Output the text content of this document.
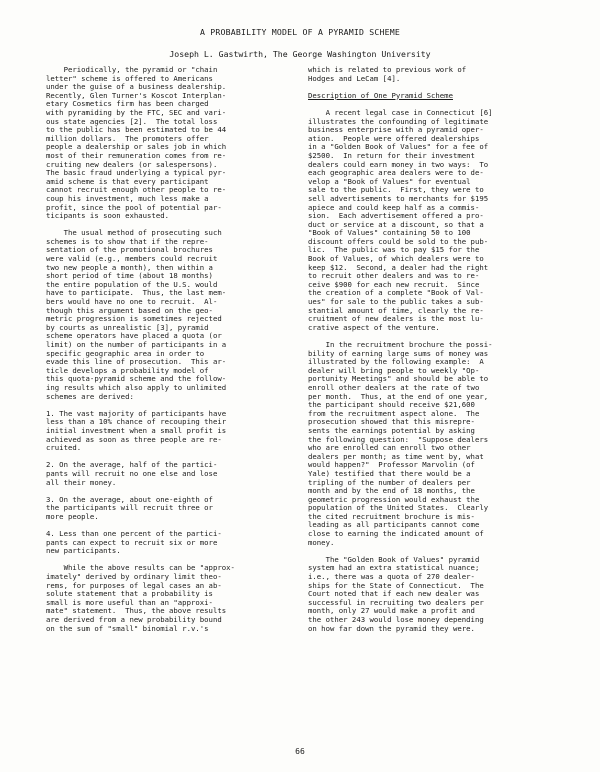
A PROBABILITY MODEL OF A PYRAMID SCHEME
Joseph L. Gastwirth, The George Washington University

Periodically, the pyramid or "chain
letter" scheme is offered to Americans
under the guise of a business dealership.
Recently, Glen Turner's Koscot Interplan-
etary Cosmetics firm has been charged
with pyramiding by the FTC, SEC and vari-
ous state agencies [2].  The total loss
to the public has been estimated to be 44
million dollars.  The promoters offer
people a dealership or sales job in which
most of their remuneration comes from re-
cruiting new dealers (or salespersons).
The basic fraud underlying a typical pyr-
amid scheme is that every participant
cannot recruit enough other people to re-
coup his investment, much less make a
profit, since the pool of potential par-
ticipants is soon exhausted.

The usual method of prosecuting such
schemes is to show that if the repre-
sentation of the promotional brochures
were valid (e.g., members could recruit
two new people a month), then within a
short period of time (about 18 months)
the entire population of the U.S. would
have to participate.  Thus, the last mem-
bers would have no one to recruit.  Al-
though this argument based on the geo-
metric progression is sometimes rejected
by courts as unrealistic [3], pyramid
scheme operators have placed a quota (or
limit) on the number of participants in a
specific geographic area in order to
evade this line of prosecution.  This ar-
ticle develops a probability model of
this quota-pyramid scheme and the follow-
ing results which also apply to unlimited
schemes are derived:

1. The vast majority of participants have
less than a 10% chance of recouping their
initial investment when a small profit is
achieved as soon as three people are re-
cruited.

2. On the average, half of the partici-
pants will recruit no one else and lose
all their money.

3. On the average, about one-eighth of
the participants will recruit three or
more people.

4. Less than one percent of the partici-
pants can expect to recruit six or more
new participants.

While the above results can be "approx-
imately" derived by ordinary limit theo-
rems, for purposes of legal cases an ab-
solute statement that a probability is
small is more useful than an "approxi-
mate" statement.  Thus, the above results
are derived from a new probability bound
on the sum of "small" binomial r.v.'s

which is related to previous work of
Hodges and LeCam [4].

Description of One Pyramid Scheme

A recent legal case in Connecticut [6]
illustrates the confounding of legitimate
business enterprise with a pyramid oper-
ation.  People were offered dealerships
in a "Golden Book of Values" for a fee of
$2500.  In return for their investment
dealers could earn money in two ways:  To
each geographic area dealers were to de-
velop a "Book of Values" for eventual
sale to the public.  First, they were to
sell advertisements to merchants for $195
apiece and could keep half as a commis-
sion.  Each advertisement offered a pro-
duct or service at a discount, so that a
"Book of Values" containing 50 to 100
discount offers could be sold to the pub-
lic.  The public was to pay $15 for the
Book of Values, of which dealers were to
keep $12.  Second, a dealer had the right
to recruit other dealers and was to re-
ceive $900 for each new recruit.  Since
the creation of a complete "Book of Val-
ues" for sale to the public takes a sub-
stantial amount of time, clearly the re-
cruitment of new dealers is the most lu-
crative aspect of the venture.

In the recruitment brochure the possi-
bility of earning large sums of money was
illustrated by the following example:  A
dealer will bring people to weekly "Op-
portunity Meetings" and should be able to
enroll other dealers at the rate of two
per month.  Thus, at the end of one year,
the participant should receive $21,600
from the recruitment aspect alone.  The
prosecution showed that this misrepre-
sents the earnings potential by asking
the following question:  "Suppose dealers
who are enrolled can enroll two other
dealers per month; as time went by, what
would happen?"  Professor Marvolin (of
Yale) testified that there would be a
tripling of the number of dealers per
month and by the end of 18 months, the
geometric progression would exhaust the
population of the United States.  Clearly
the cited recruitment brochure is mis-
leading as all participants cannot come
close to earning the indicated amount of
money.

The "Golden Book of Values" pyramid
system had an extra statistical nuance;
i.e., there was a quota of 270 dealer-
ships for the State of Connecticut.  The
Court noted that if each new dealer was
successful in recruiting two dealers per
month, only 27 would make a profit and
the other 243 would lose money depending
on how far down the pyramid they were.

66
